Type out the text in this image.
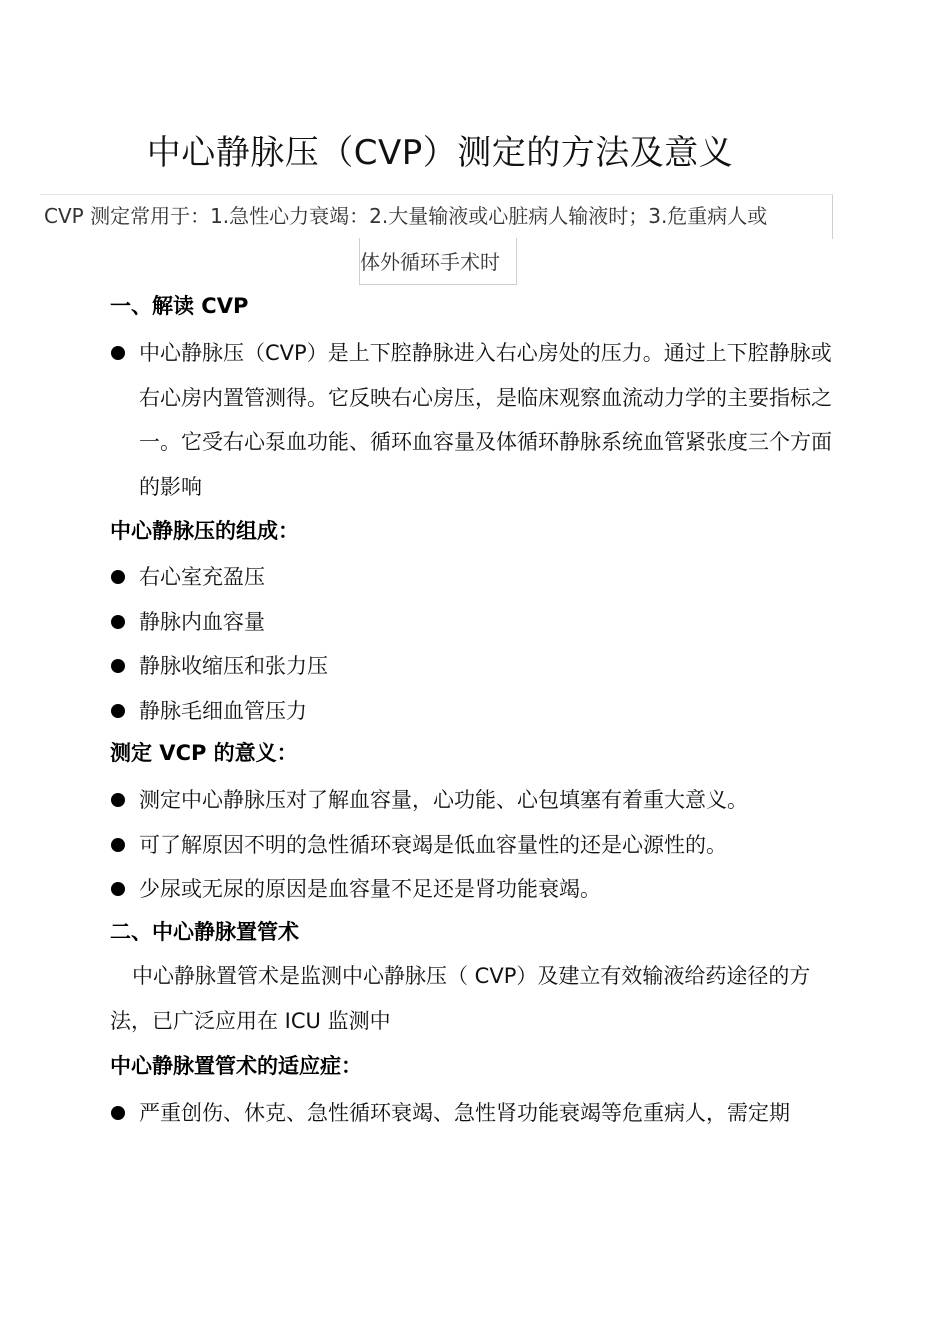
中心静脉压（CVP）测定的方法及意义
CVP 测定常用于：1.急性心力衰竭：2.大量输液或心脏病人输液时；3.危重病人或
体外循环手术时
一、解读 CVP
中心静脉压（CVP）是上下腔静脉进入右心房处的压力。通过上下腔静脉或右心房内置管测得。它反映右心房压，是临床观察血流动力学的主要指标之一。它受右心泵血功能、循环血容量及体循环静脉系统血管紧张度三个方面的影响
中心静脉压的组成：
右心室充盈压
静脉内血容量
静脉收缩压和张力压
静脉毛细血管压力
测定 VCP 的意义：
测定中心静脉压对了解血容量，心功能、心包填塞有着重大意义。
可了解原因不明的急性循环衰竭是低血容量性的还是心源性的。
少尿或无尿的原因是血容量不足还是肾功能衰竭。
二、中心静脉置管术
中心静脉置管术是监测中心静脉压（ CVP）及建立有效输液给药途径的方法，已广泛应用在 ICU 监测中
中心静脉置管术的适应症：
严重创伤、休克、急性循环衰竭、急性肾功能衰竭等危重病人，需定期
